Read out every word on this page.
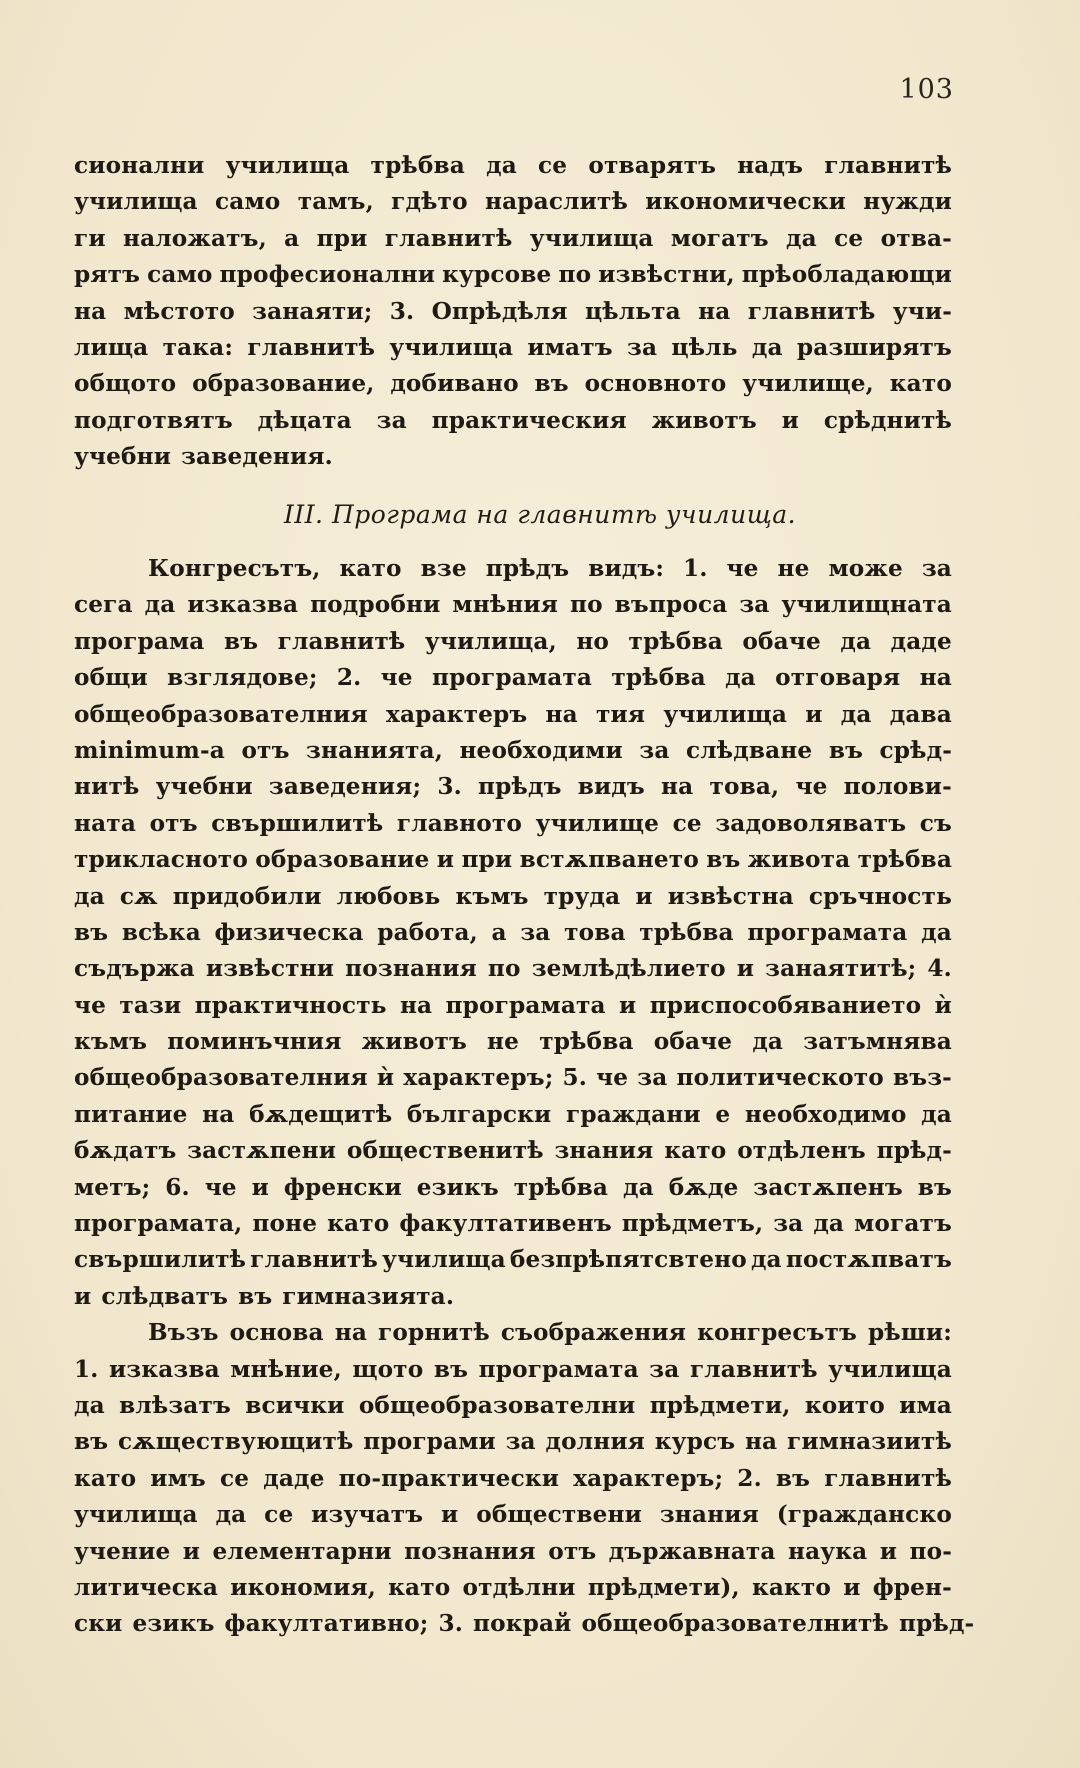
103
сионални училища трѣбва да се отварятъ надъ главнитѣ
училища само тамъ, гдѣто нараслитѣ икономически нужди
ги наложатъ, а при главнитѣ училища могатъ да се отва-
рятъ само професионални курсове по извѣстни, прѣобладающи
на мѣстото занаяти; 3. Опрѣдѣля цѣльта на главнитѣ учи-
лища така: главнитѣ училища иматъ за цѣль да разширятъ
общото образование, добивано въ основното училище, като
подготвятъ дѣцата за практическия животъ и срѣднитѣ
учебни заведения.
III. Програма на главнитѣ училища.
Конгресътъ, като взе прѣдъ видъ: 1. че не може за
сега да изказва подробни мнѣния по въпроса за училищната
програма въ главнитѣ училища, но трѣбва обаче да даде
общи взглядове; 2. че програмата трѣбва да отговаря на
общеобразователния характеръ на тия училища и да дава
minimum-а отъ знанията, необходими за слѣдване въ срѣд-
нитѣ учебни заведения; 3. прѣдъ видъ на това, че полови-
ната отъ свършилитѣ главното училище се задоволяватъ съ
трикласното образование и при встѫпването въ живота трѣбва
да сѫ придобили любовь къмъ труда и извѣстна сръчность
въ всѣка физическа работа, а за това трѣбва програмата да
съдържа извѣстни познания по землѣдѣлието и занаятитѣ; 4.
че тази практичность на програмата и приспособяванието ѝ
къмъ поминъчния животъ не трѣбва обаче да затъмнява
общеобразователния ѝ характеръ; 5. че за политическото въз-
питание на бѫдещитѣ български граждани е необходимо да
бѫдатъ застѫпени общественитѣ знания като отдѣленъ прѣд-
метъ; 6. че и френски езикъ трѣбва да бѫде застѫпенъ въ
програмата, поне като факултативенъ прѣдметъ, за да могатъ
свършилитѣ главнитѣ училища безпрѣпятсвтено да постѫпватъ
и слѣдватъ въ гимназията.
Възъ основа на горнитѣ съображения конгресътъ рѣши:
1. изказва мнѣние, щото въ програмата за главнитѣ училища
да влѣзатъ всички общеобразователни прѣдмети, които има
въ сѫществующитѣ програми за долния курсъ на гимназиитѣ
като имъ се даде по-практически характеръ; 2. въ главнитѣ
училища да се изучатъ и обществени знания (гражданско
учение и елементарни познания отъ държавната наука и по-
литическа икономия, като отдѣлни прѣдмети), както и френ-
ски езикъ факултативно; 3. покрай общеобразователнитѣ прѣд-
